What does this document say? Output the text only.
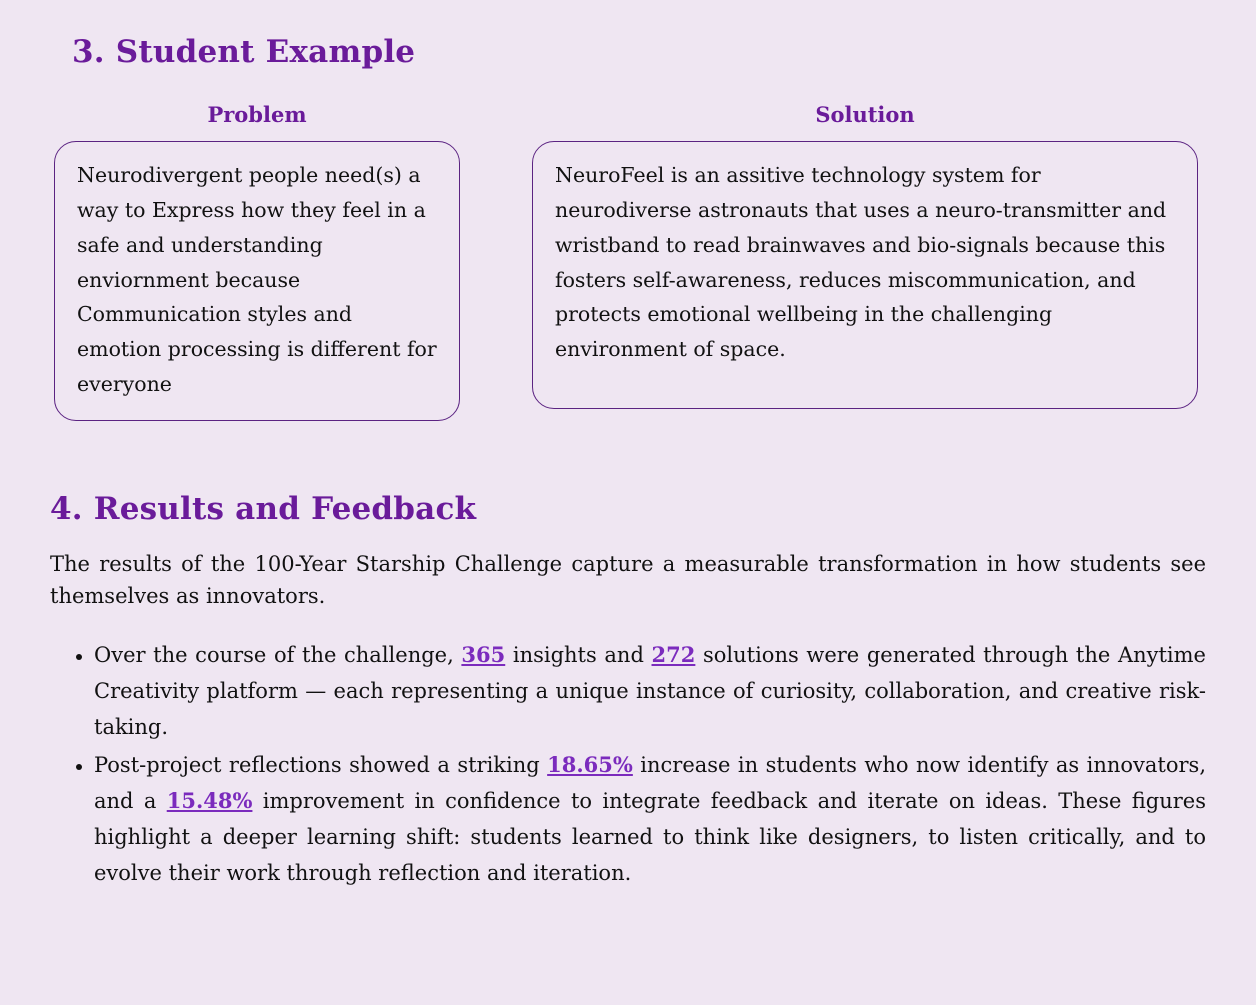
3. Student Example
Problem
Neurodivergent people need(s) a way to Express how they feel in a safe and understanding enviornment because Communication styles and emotion processing is different for everyone
Solution
NeuroFeel is an assitive technology system for neurodiverse astronauts that uses a neuro-transmitter and wristband to read brainwaves and bio-signals because this fosters self-awareness, reduces miscommunication, and protects emotional wellbeing in the challenging environment of space.
4. Results and Feedback

The results of the 100-Year Starship Challenge capture a measurable transformation in how students see themselves as innovators.

• Over the course of the challenge, 365 insights and 272 solutions were generated through the Anytime Creativity platform — each representing a unique instance of curiosity, collaboration, and creative risk-taking.
• Post-project reflections showed a striking 18.65% increase in students who now identify as innovators, and a 15.48% improvement in confidence to integrate feedback and iterate on ideas. These figures highlight a deeper learning shift: students learned to think like designers, to listen critically, and to evolve their work through reflection and iteration.
